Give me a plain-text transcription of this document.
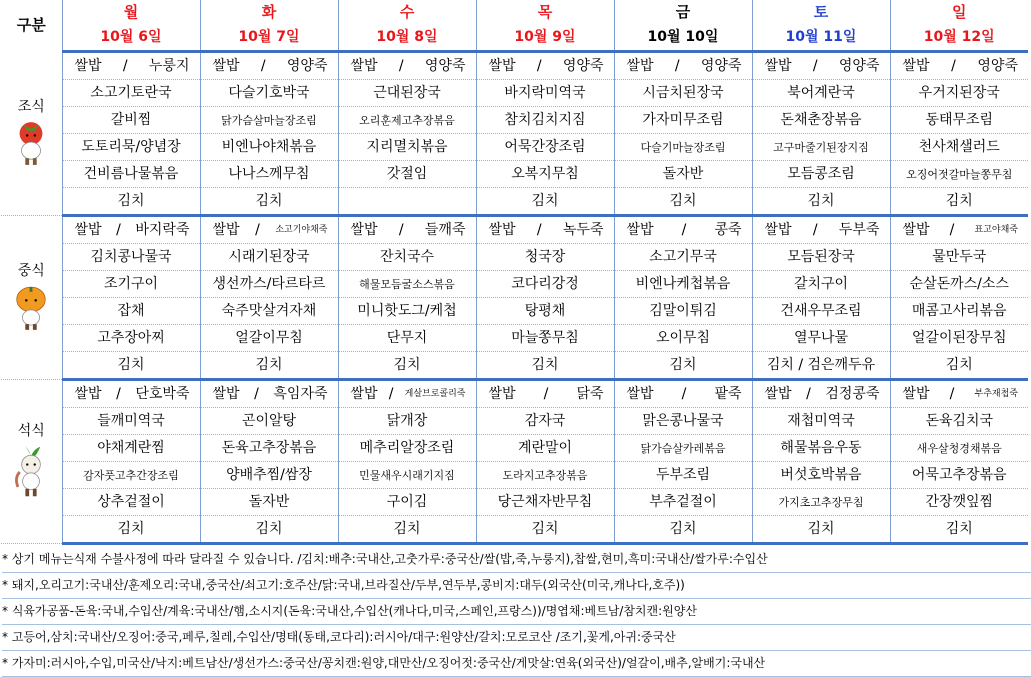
구분	월	화	수	목	금	토	일
	10월 6일	10월 7일	10월 8일	10월 9일	10월 10일	10월 11일	10월 12일

조식	쌀밥 / 누룽지	쌀밥 / 영양죽	쌀밥 / 영양죽	쌀밥 / 영양죽	쌀밥 / 영양죽	쌀밥 / 영양죽	쌀밥 / 영양죽

	소고기토란국	다슬기호박국	근대된장국	바지락미역국	시금치된장국	북어계란국	우거지된장국
	갈비찜	닭가슴살마늘장조림	오리훈제고추장볶음	참치김치지짐	가자미무조림	돈채춘장볶음	동태무조림
	도토리묵/양념장	비엔나야채볶음	지리멸치볶음	어묵간장조림	다슬기마늘장조림	고구마줄기된장지짐	천사채샐러드
	건비름나물볶음	나나스께무침	갓절임	오복지무침	돌자반	모듬콩조림	오징어젓갈마늘쫑무침
	김치	김치		김치	김치	김치	김치

중식	쌀밥 / 바지락죽	쌀밥 / 소고기야채죽	쌀밥 / 들깨죽	쌀밥 / 녹두죽	쌀밥 / 콩죽	쌀밥 / 두부죽	쌀밥 / 표고야채죽

	김치콩나물국	시래기된장국	잔치국수	청국장	소고기무국	모듬된장국	물만두국
	조기구이	생선까스/타르타르	해물모듬굴소스볶음	코다리강정	비엔나케첩볶음	갈치구이	순살돈까스/소스
	잡채	숙주맛살겨자채	미니핫도그/케첩	탕평채	김말이튀김	건새우무조림	매콤고사리볶음
	고추장아찌	얼갈이무침	단무지	마늘쫑무침	오이무침	열무나물	얼갈이된장무침
	김치	김치	김치	김치	김치	김치 / 검은깨두유	김치

석식	쌀밥 / 단호박죽	쌀밥 / 흑임자죽	쌀밥 / 게살브로콜리죽	쌀밥 / 닭죽	쌀밥 / 팥죽	쌀밥 / 검정콩죽	쌀밥 / 부추재첩죽

	들깨미역국	곤이알탕	닭개장	감자국	맑은콩나물국	재첩미역국	돈육김치국
	야채계란찜	돈육고추장볶음	메추리알장조림	계란말이	닭가슴살카레볶음	해물볶음우동	새우살청경채볶음
	감자풋고추간장조림	양배추찜/쌈장	민물새우시래기지짐	도라지고추장볶음	두부조림	버섯호박볶음	어묵고추장볶음
	상추겉절이	돌자반	구이김	당근채자반무침	부추겉절이	가지초고추장무침	간장깻잎찜
	김치	김치	김치	김치	김치	김치	김치
* 상기 메뉴는식재 수불사정에 따라 달라질 수 있습니다. /김치:배추:국내산,고춧가루:중국산/쌀(밥,죽,누룽지),찹쌀,현미,흑미:국내산/쌀가루:수입산
* 돼지,오리고기:국내산/훈제오리:국내,중국산/쇠고기:호주산/닭:국내,브라질산/두부,연두부,콩비지:대두(외국산(미국,캐나다,호주))
* 식육가공품-돈육:국내,수입산/계육:국내산/햄,소시지(돈육:국내산,수입산(캐나다,미국,스페인,프랑스))/명엽채:베트남/참치캔:원양산
* 고등어,삼치:국내산/오징어:중국,페루,칠레,수입산/명태(동태,코다리):러시아/대구:원양산/갈치:모로코산 /조기,꽃게,아귀:중국산
* 가자미:러시아,수입,미국산/낙지:베트남산/생선가스:중국산/꽁치캔:원양,대만산/오징어젓:중국산/게맛살:연육(외국산)/얼갈이,배추,알배기:국내산
